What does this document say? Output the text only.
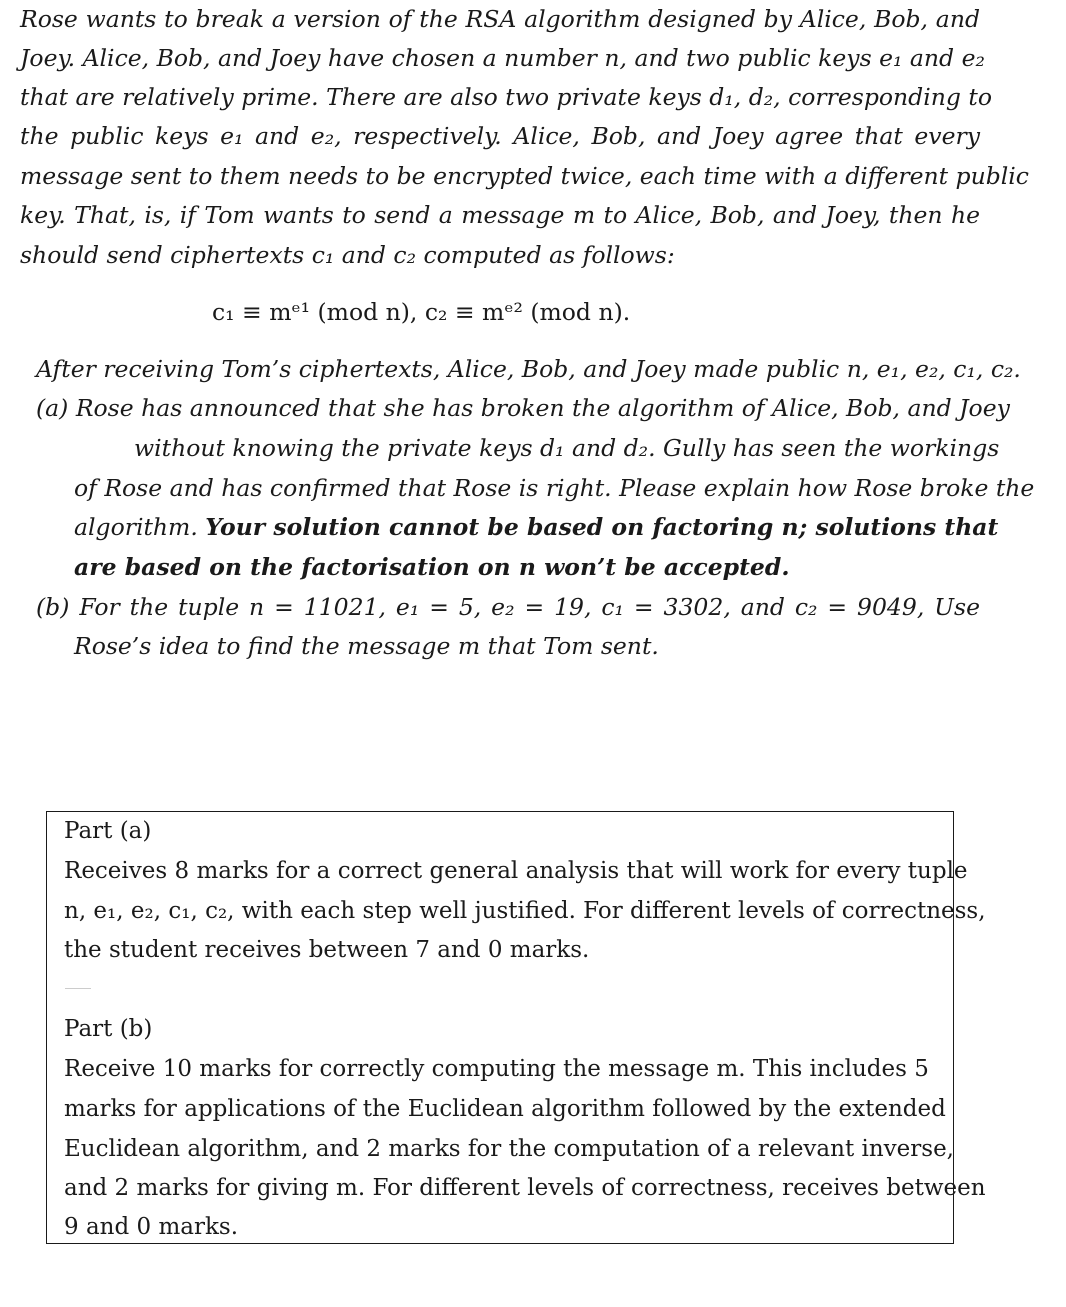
Rose wants to break a version of the RSA algorithm designed by Alice, Bob, and
Joey. Alice, Bob, and Joey have chosen a number n, and two public keys e₁ and e₂
that are relatively prime. There are also two private keys d₁, d₂, corresponding to
the public keys e₁ and e₂, respectively. Alice, Bob, and Joey agree that every
message sent to them needs to be encrypted twice, each time with a different public
key. That, is, if Tom wants to send a message m to Alice, Bob, and Joey, then he
should send ciphertexts c₁ and c₂ computed as follows:
c₁ ≡ mᵉ¹ (mod n), c₂ ≡ mᵉ² (mod n).
After receiving Tom’s ciphertexts, Alice, Bob, and Joey made public n, e₁, e₂, c₁, c₂.
(a) Rose has announced that she has broken the algorithm of Alice, Bob, and Joey
without knowing the private keys d₁ and d₂. Gully has seen the workings
of Rose and has confirmed that Rose is right. Please explain how Rose broke the
algorithm. Your solution cannot be based on factoring n; solutions that
are based on the factorisation on n won’t be accepted.
(b) For the tuple n = 11021, e₁ = 5, e₂ = 19, c₁ = 3302, and c₂ = 9049, Use
Rose’s idea to find the message m that Tom sent.
Part (a)
Receives 8 marks for a correct general analysis that will work for every tuple
n, e₁, e₂, c₁, c₂, with each step well justified. For different levels of correctness,
the student receives between 7 and 0 marks.
Part (b)
Receive 10 marks for correctly computing the message m. This includes 5
marks for applications of the Euclidean algorithm followed by the extended
Euclidean algorithm, and 2 marks for the computation of a relevant inverse,
and 2 marks for giving m. For different levels of correctness, receives between
9 and 0 marks.
